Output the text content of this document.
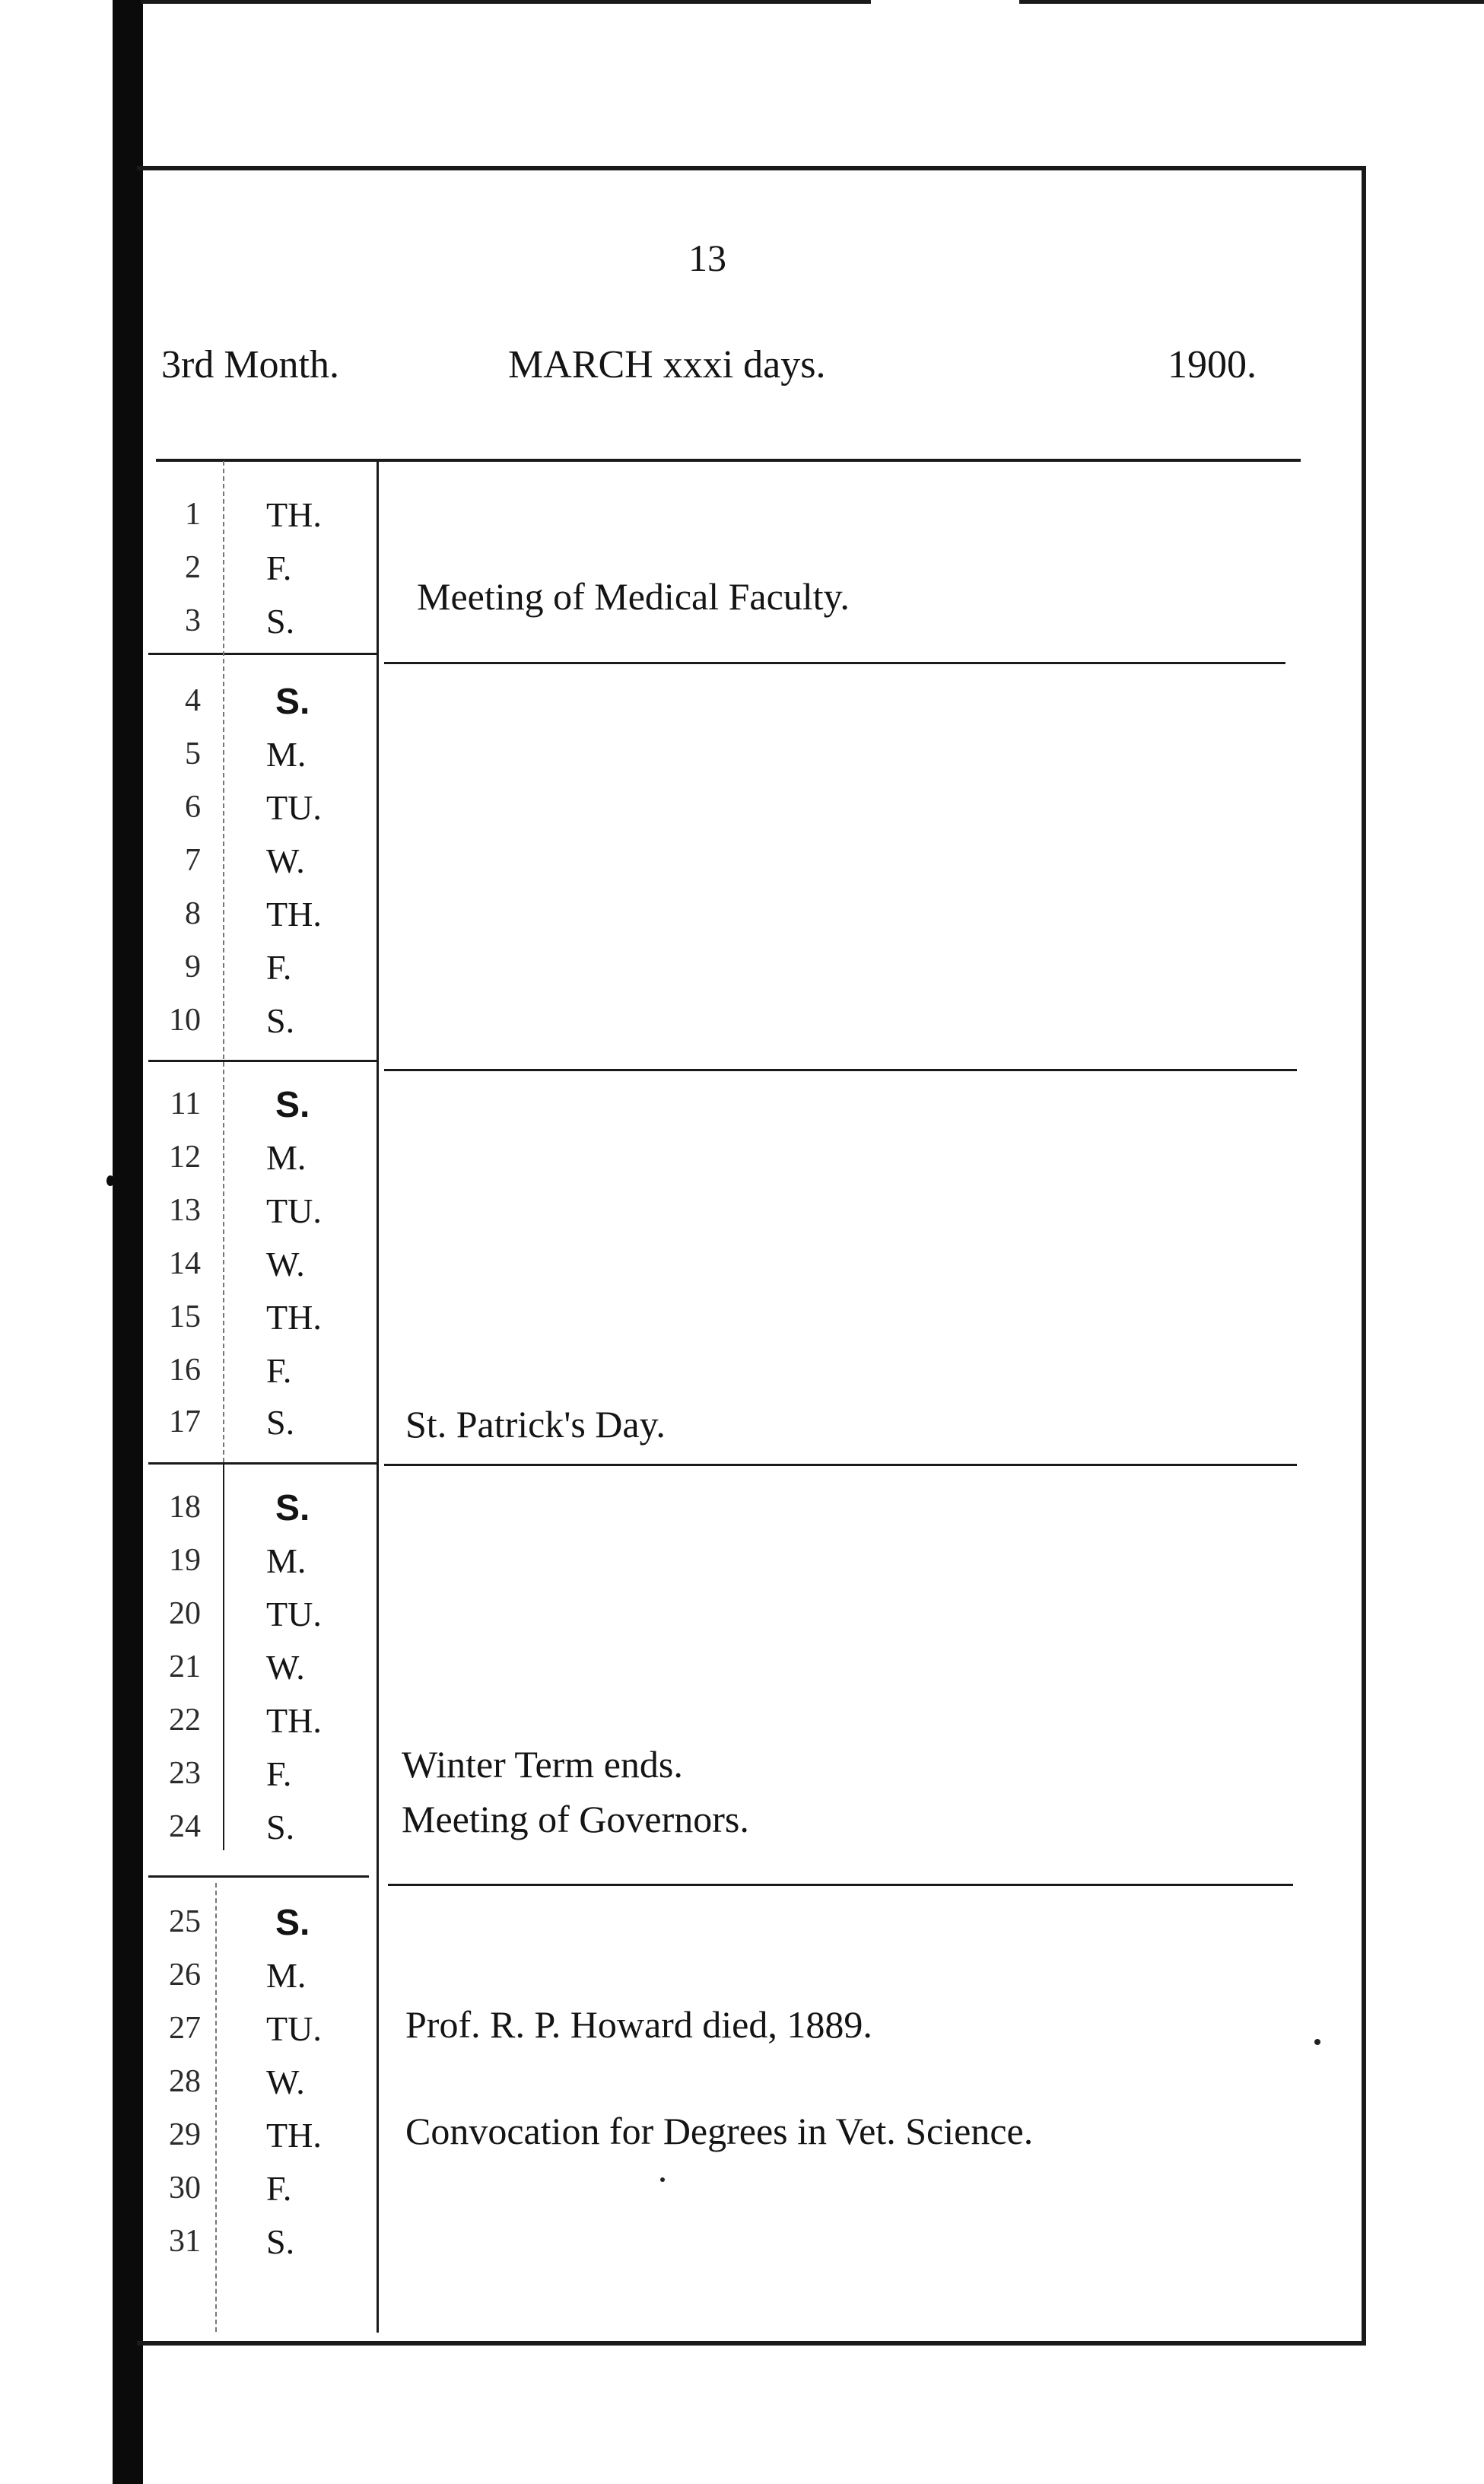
13
3rd Month.	MARCH xxxi days.	1900.
1 TH.
2 F.
3 S.
4 S.
5 M.
6 TU.
7 W.
8 TH.
9 F.
10 S.
11 S.
12 M.
13 TU.
14 W.
15 TH.
16 F.
17 S.
18 S.
19 M.
20 TU.
21 W.
22 TH.
23 F.
24 S.
25 S.
26 M.
27 TU.
28 W.
29 TH.
30 F.
31 S.
Meeting of Medical Faculty.
St. Patrick's Day.
Winter Term ends.
Meeting of Governors.
Prof. R. P. Howard died, 1889.
Convocation for Degrees in Vet. Science.
